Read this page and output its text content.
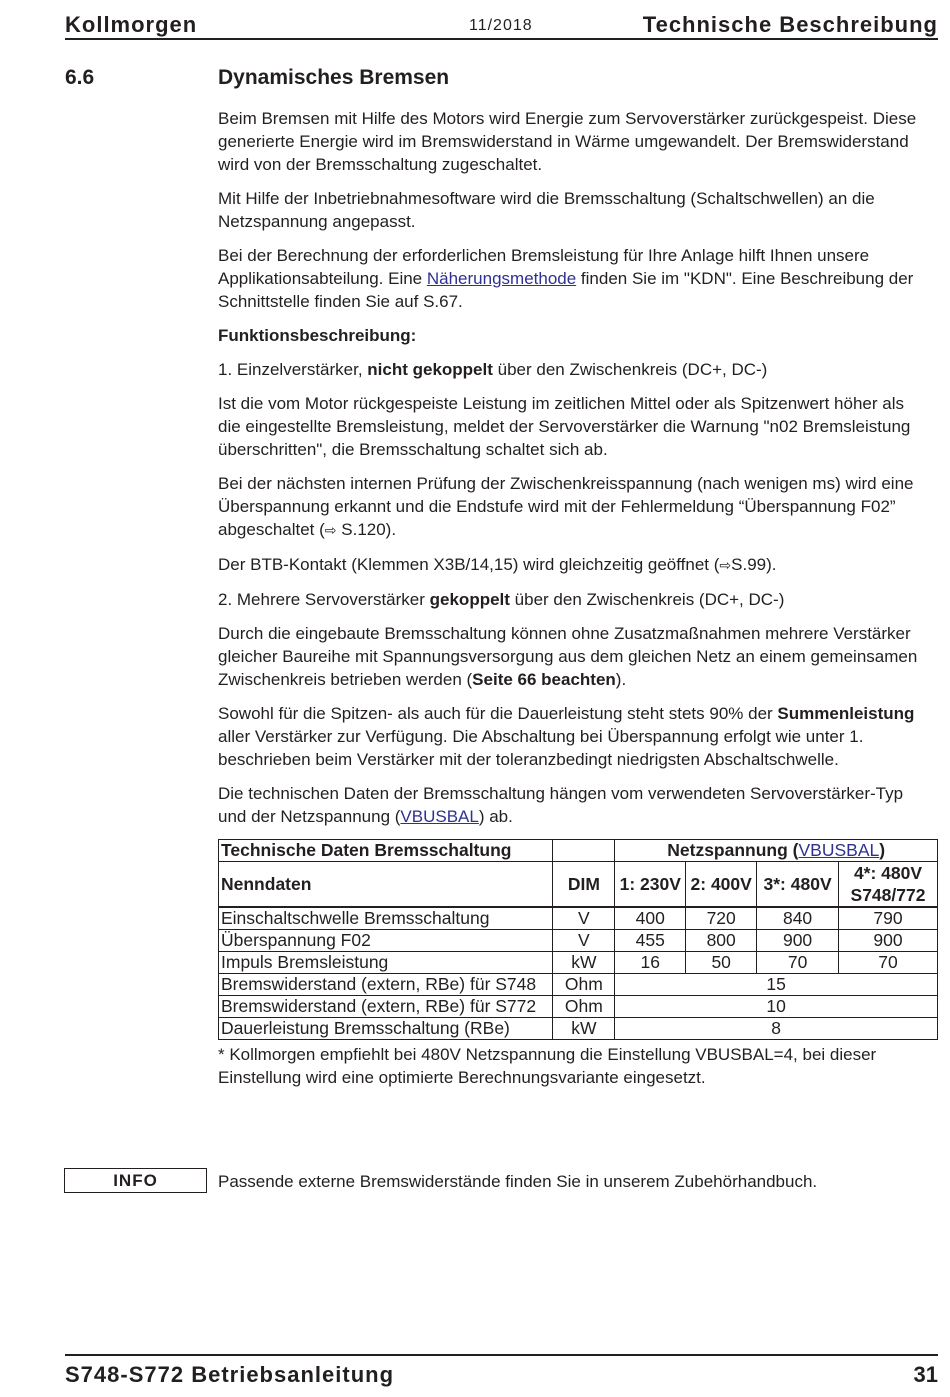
Kollmorgen	11/2018	Technische Beschreibung
6.6	Dynamisches Bremsen

Beim Bremsen mit Hilfe des Motors wird Energie zum Servoverstärker zurückgespeist. Diese generierte Energie wird im Bremswiderstand in Wärme umgewandelt. Der Bremswiderstand wird von der Bremsschaltung zugeschaltet.

Mit Hilfe der Inbetriebnahmesoftware wird die Bremsschaltung (Schaltschwellen) an die Netzspannung angepasst.

Bei der Berechnung der erforderlichen Bremsleistung für Ihre Anlage hilft Ihnen unsere Applikationsabteilung. Eine Näherungsmethode finden Sie im "KDN". Eine Beschreibung der Schnittstelle finden Sie auf S.67.

Funktionsbeschreibung:

1. Einzelverstärker, nicht gekoppelt über den Zwischenkreis (DC+, DC-)

Ist die vom Motor rückgespeiste Leistung im zeitlichen Mittel oder als Spitzenwert höher als die eingestellte Bremsleistung, meldet der Servoverstärker die Warnung "n02 Bremsleistung überschritten", die Bremsschaltung schaltet sich ab.

Bei der nächsten internen Prüfung der Zwischenkreisspannung (nach wenigen ms) wird eine Überspannung erkannt und die Endstufe wird mit der Fehlermeldung “Überspannung F02” abgeschaltet (⇨ S.120).

Der BTB-Kontakt (Klemmen X3B/14,15) wird gleichzeitig geöffnet (⇨S.99).

2. Mehrere Servoverstärker gekoppelt über den Zwischenkreis (DC+, DC-)

Durch die eingebaute Bremsschaltung können ohne Zusatzmaßnahmen mehrere Verstärker gleicher Baureihe mit Spannungsversorgung aus dem gleichen Netz an einem gemeinsamen Zwischenkreis betrieben werden (Seite 66 beachten).

Sowohl für die Spitzen- als auch für die Dauerleistung steht stets 90% der Summenleistung aller Verstärker zur Verfügung. Die Abschaltung bei Überspannung erfolgt wie unter 1. beschrieben beim Verstärker mit der toleranzbedingt niedrigsten Abschaltschwelle.

Die technischen Daten der Bremsschaltung hängen vom verwendeten Servoverstärker-Typ und der Netzspannung (VBUSBAL) ab.

Technische Daten Bremsschaltung		Netzspannung (VBUSBAL)			
Nenndaten	DIM	1: 230V	2: 400V	3*: 480V	4*: 480V
S748/772
Einschaltschwelle Bremsschaltung	V	400	720	840	790
Überspannung F02	V	455	800	900	900
Impuls Bremsleistung	kW	16	50	70	70
Bremswiderstand (extern, RBe) für S748	Ohm	15			
Bremswiderstand (extern, RBe) für S772	Ohm	10			
Dauerleistung Bremsschaltung (RBe)	kW	8			
* Kollmorgen empfiehlt bei 480V Netzspannung die Einstellung VBUSBAL=4, bei dieser Einstellung wird eine optimierte Berechnungsvariante eingesetzt.
INFO	Passende externe Bremswiderstände finden Sie in unserem Zubehörhandbuch.
S748-S772 Betriebsanleitung	31
